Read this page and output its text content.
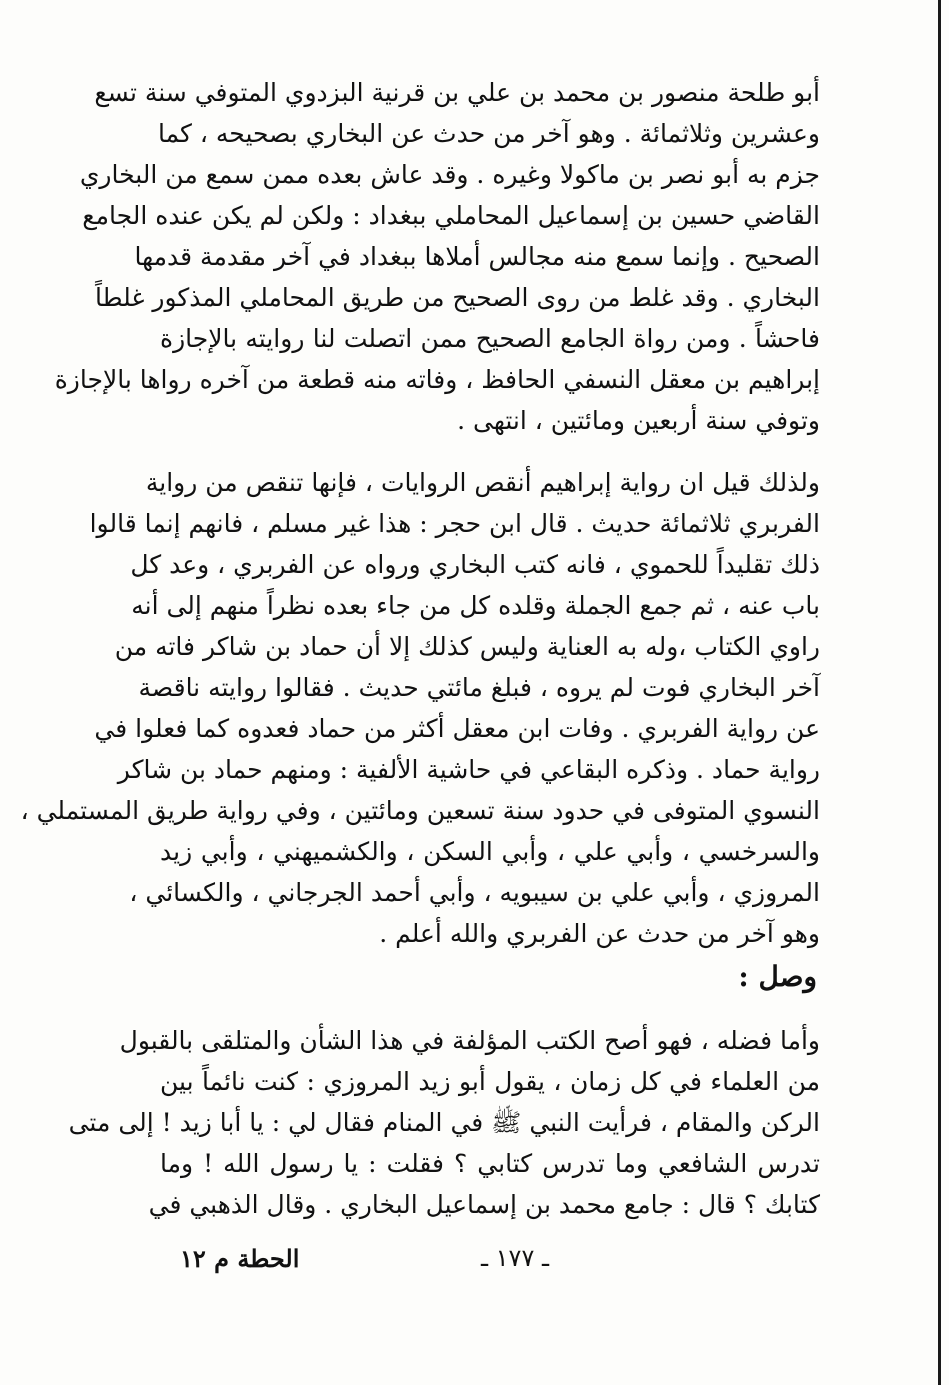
أبو طلحة منصور بن محمد بن علي بن قرنية البزدوي المتوفي سنة تسع
وعشرين وثلاثمائة . وهو آخر من حدث عن البخاري بصحيحه ، كما
جزم به أبو نصر بن ماكولا وغيره . وقد عاش بعده ممن سمع من البخاري
القاضي حسين بن إسماعيل المحاملي ببغداد : ولكن لم يكن عنده الجامع
الصحيح . وإنما سمع منه مجالس أملاها ببغداد في آخر مقدمة قدمها
البخاري . وقد غلط من روى الصحيح من طريق المحاملي المذكور غلطاً
فاحشاً . ومن رواة الجامع الصحيح ممن اتصلت لنا روايته بالإجازة
إبراهيم بن معقل النسفي الحافظ ، وفاته منه قطعة من آخره رواها بالإجازة
وتوفي سنة أربعين ومائتين ، انتهى .
ولذلك قيل ان رواية إبراهيم أنقص الروايات ، فإنها تنقص من رواية
الفربري ثلاثمائة حديث . قال ابن حجر : هذا غير مسلم ، فانهم إنما قالوا
ذلك تقليداً للحموي ، فانه كتب البخاري ورواه عن الفربري ، وعد كل
باب عنه ، ثم جمع الجملة وقلده كل من جاء بعده نظراً منهم إلى أنه
راوي الكتاب ،وله به العناية وليس كذلك إلا أن حماد بن شاكر فاته من
آخر البخاري فوت لم يروه ، فبلغ مائتي حديث . فقالوا روايته ناقصة
عن رواية الفربري . وفات ابن معقل أكثر من حماد فعدوه كما فعلوا في
رواية حماد . وذكره البقاعي في حاشية الألفية : ومنهم حماد بن شاكر
النسوي المتوفى في حدود سنة تسعين ومائتين ، وفي رواية طريق المستملي ،
والسرخسي ، وأبي علي ، وأبي السكن ، والكشميهني ، وأبي زيد
المروزي ، وأبي علي بن سيبويه ، وأبي أحمد الجرجاني ، والكسائي ،
وهو آخر من حدث عن الفربري والله أعلم .
وصل :
وأما فضله ، فهو أصح الكتب المؤلفة في هذا الشأن والمتلقى بالقبول
من العلماء في كل زمان ، يقول أبو زيد المروزي : كنت نائماً بين
الركن والمقام ، فرأيت النبي ﷺ في المنام فقال لي : يا أبا زيد ! إلى متى
تدرس الشافعي وما تدرس كتابي ؟ فقلت : يا رسول الله ! وما
كتابك ؟ قال : جامع محمد بن إسماعيل البخاري . وقال الذهبي في
ـ ١٧٧ ـ
الحطة م ١٢
